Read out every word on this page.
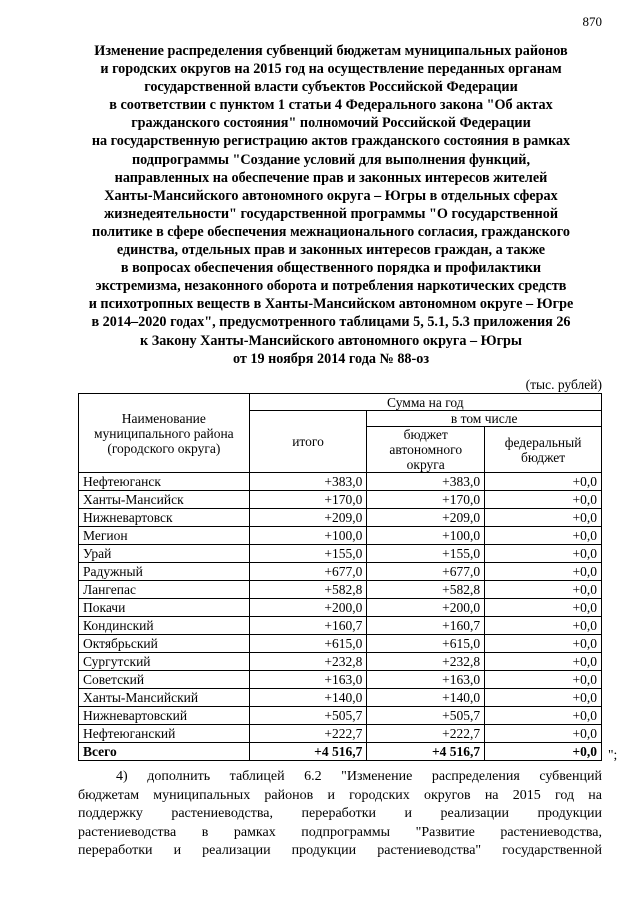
870
Изменение распределения субвенций бюджетам муниципальных районов
и городских округов на 2015 год на осуществление переданных органам
государственной власти субъектов Российской Федерации
в соответствии с пунктом 1 статьи 4 Федерального закона "Об актах
гражданского состояния" полномочий Российской Федерации
на государственную регистрацию актов гражданского состояния в рамках
подпрограммы "Создание условий для выполнения функций,
направленных на обеспечение прав и законных интересов жителей
Ханты-Мансийского автономного округа – Югры в отдельных сферах
жизнедеятельности" государственной программы "О государственной
политике в сфере обеспечения межнационального согласия, гражданского
единства, отдельных прав и законных интересов граждан, а также
в вопросах обеспечения общественного порядка и профилактики
экстремизма, незаконного оборота и потребления наркотических средств
и психотропных веществ в Ханты-Мансийском автономном округе – Югре
в 2014–2020 годах", предусмотренного таблицами 5, 5.1, 5.3 приложения 26
к Закону Ханты-Мансийского автономного округа – Югры
от 19 ноября 2014 года № 88-оз
(тыс. рублей)
Наименование муниципального района (городского округа)	Сумма на год		
	итого	в том числе	
		бюджет автономного округа	федеральный бюджет
Нефтеюганск	+383,0	+383,0	+0,0
Ханты-Мансийск	+170,0	+170,0	+0,0
Нижневартовск	+209,0	+209,0	+0,0
Мегион	+100,0	+100,0	+0,0
Урай	+155,0	+155,0	+0,0
Радужный	+677,0	+677,0	+0,0
Лангепас	+582,8	+582,8	+0,0
Покачи	+200,0	+200,0	+0,0
Кондинский	+160,7	+160,7	+0,0
Октябрьский	+615,0	+615,0	+0,0
Сургутский	+232,8	+232,8	+0,0
Советский	+163,0	+163,0	+0,0
Ханты-Мансийский	+140,0	+140,0	+0,0
Нижневартовский	+505,7	+505,7	+0,0
Нефтеюганский	+222,7	+222,7	+0,0
Всего	+4 516,7	+4 516,7	+0,0 ";

4) дополнить таблицей 6.2 "Изменение распределения субвенций
бюджетам муниципальных районов и городских округов на 2015 год на
поддержку растениеводства, переработки и реализации продукции
растениеводства в рамках подпрограммы "Развитие растениеводства,
переработки и реализации продукции растениеводства" государственной
